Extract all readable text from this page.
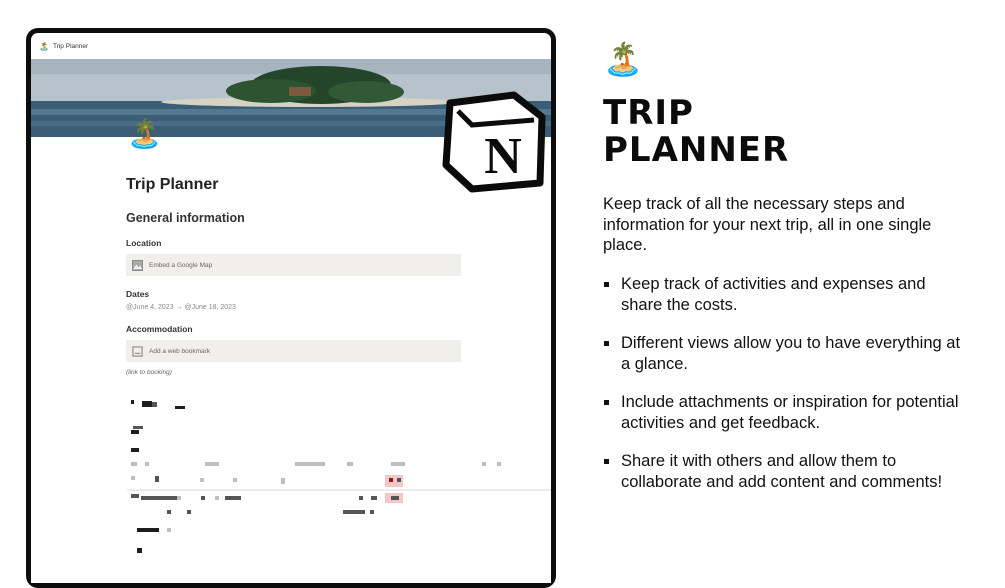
🏝️ Trip Planner
🏝️	N
Trip Planner
General information
Location
Embed a Google Map
Dates
@June 4, 2023 → @June 18, 2023
Accommodation
Add a web bookmark
(link to booking)
🏝️
TRIP
PLANNER
Keep track of all the necessary steps and information for your next trip, all in one single place.
Keep track of activities and expenses and share the costs.
Different views allow you to have everything at a glance.
Include attachments or inspiration for potential activities and get feedback.
Share it with others and allow them to collaborate and add content and comments!
